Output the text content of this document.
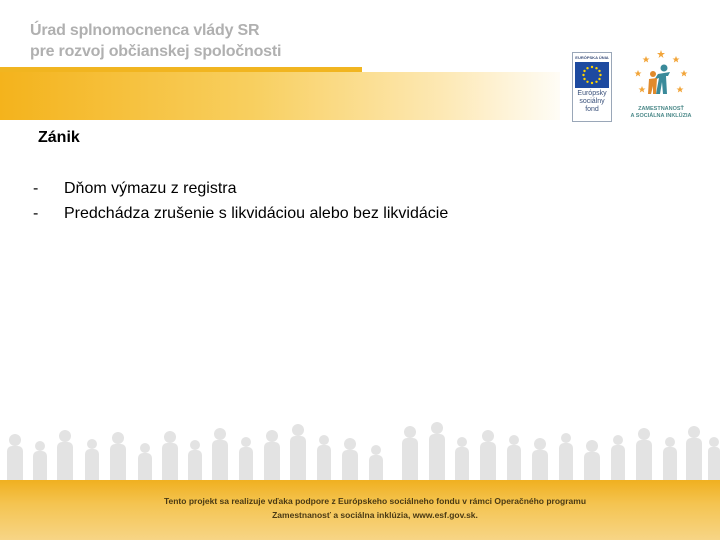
Úrad splnomocnenca vlády SR
pre rozvoj občianskej spoločnosti	EURÓPSKA ÚNIA
Európsky
sociálny
fond	ZAMESTNANOSŤ
A SOCIÁLNA INKLÚZIA
Zánik
- Dňom výmazu z registra
- Predchádza zrušenie s likvidáciou alebo bez likvidácie
Tento projekt sa realizuje vďaka podpore z Európskeho sociálneho fondu v rámci Operačného programu
Zamestnanosť a sociálna inklúzia, www.esf.gov.sk.
